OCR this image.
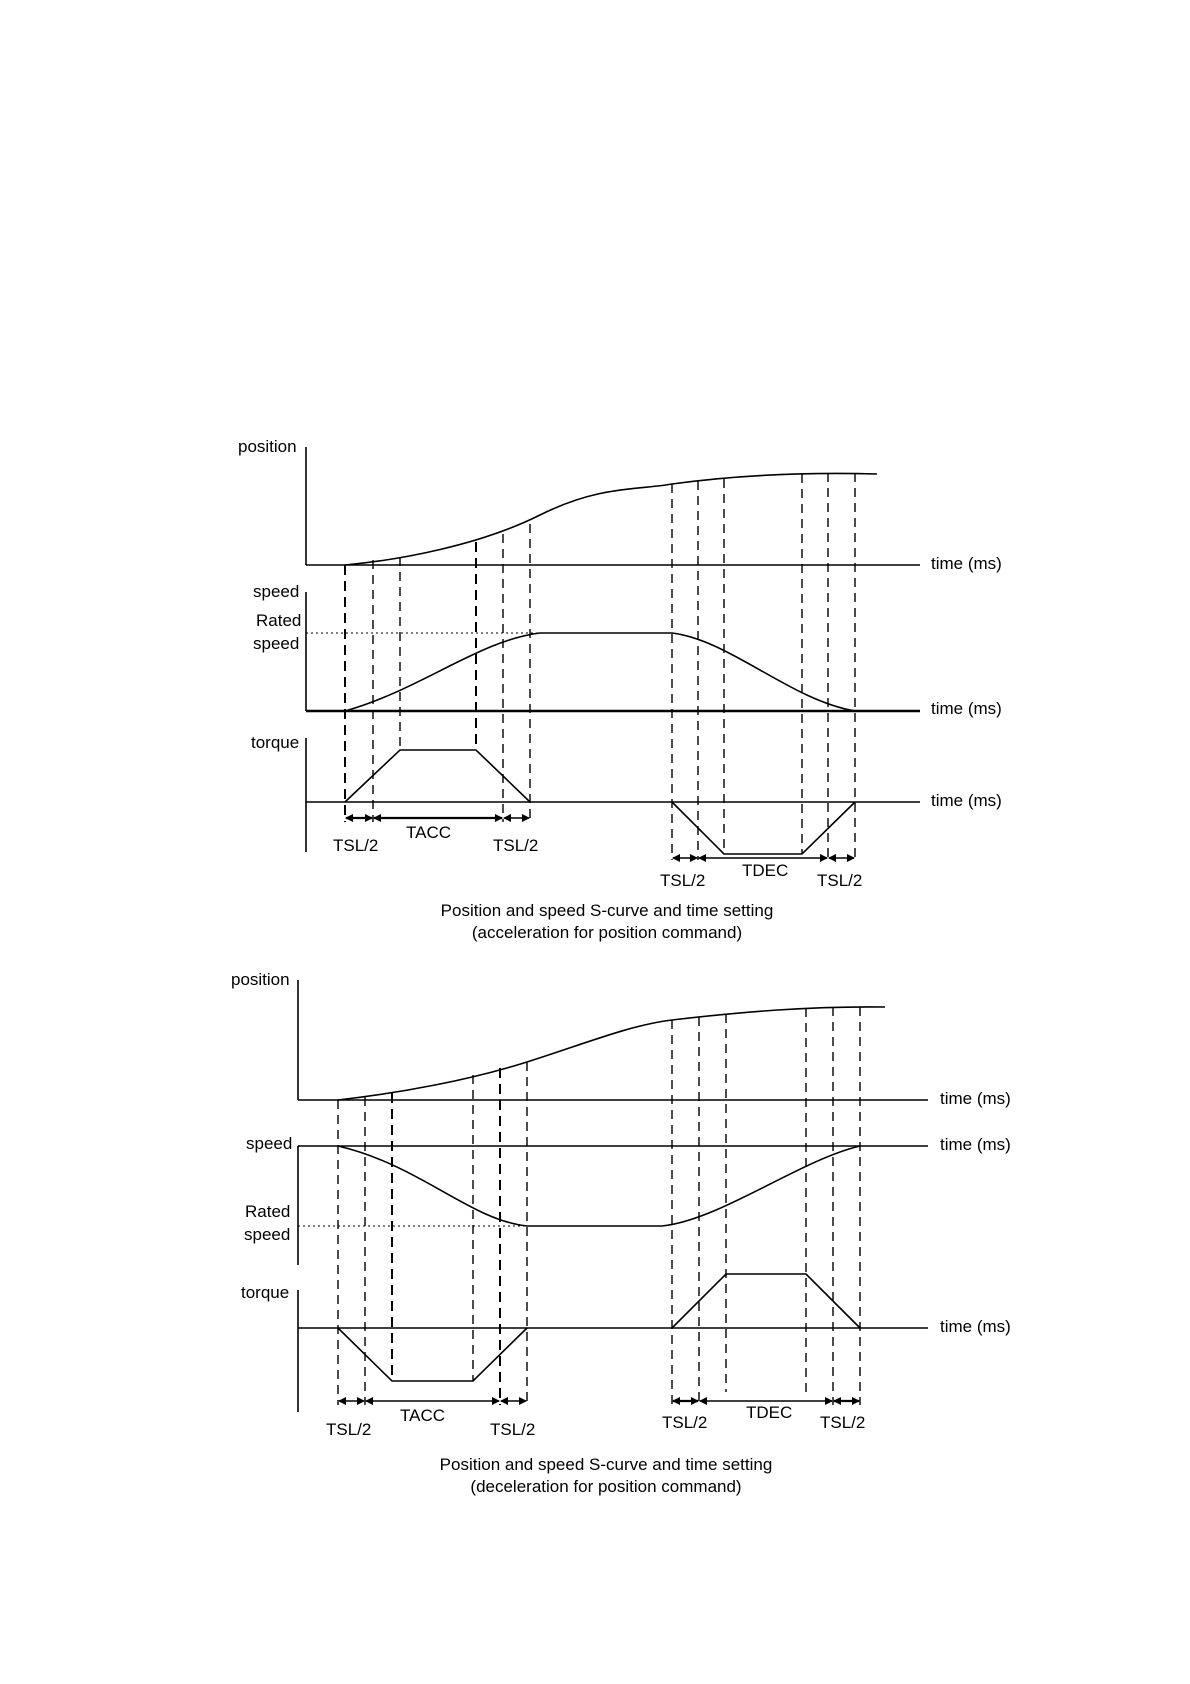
position
speed
Rated
speed
torque
time (ms)
time (ms)
time (ms)
TSL/2
TACC
TSL/2
TSL/2
TDEC
TSL/2
Position and speed S-curve and time setting
(acceleration for position command)
position
speed
Rated
speed
torque
time (ms)
time (ms)
time (ms)
TSL/2
TACC
TSL/2	TSL/2
TDEC
TSL/2
Position and speed S-curve and time setting
(deceleration for position command)
